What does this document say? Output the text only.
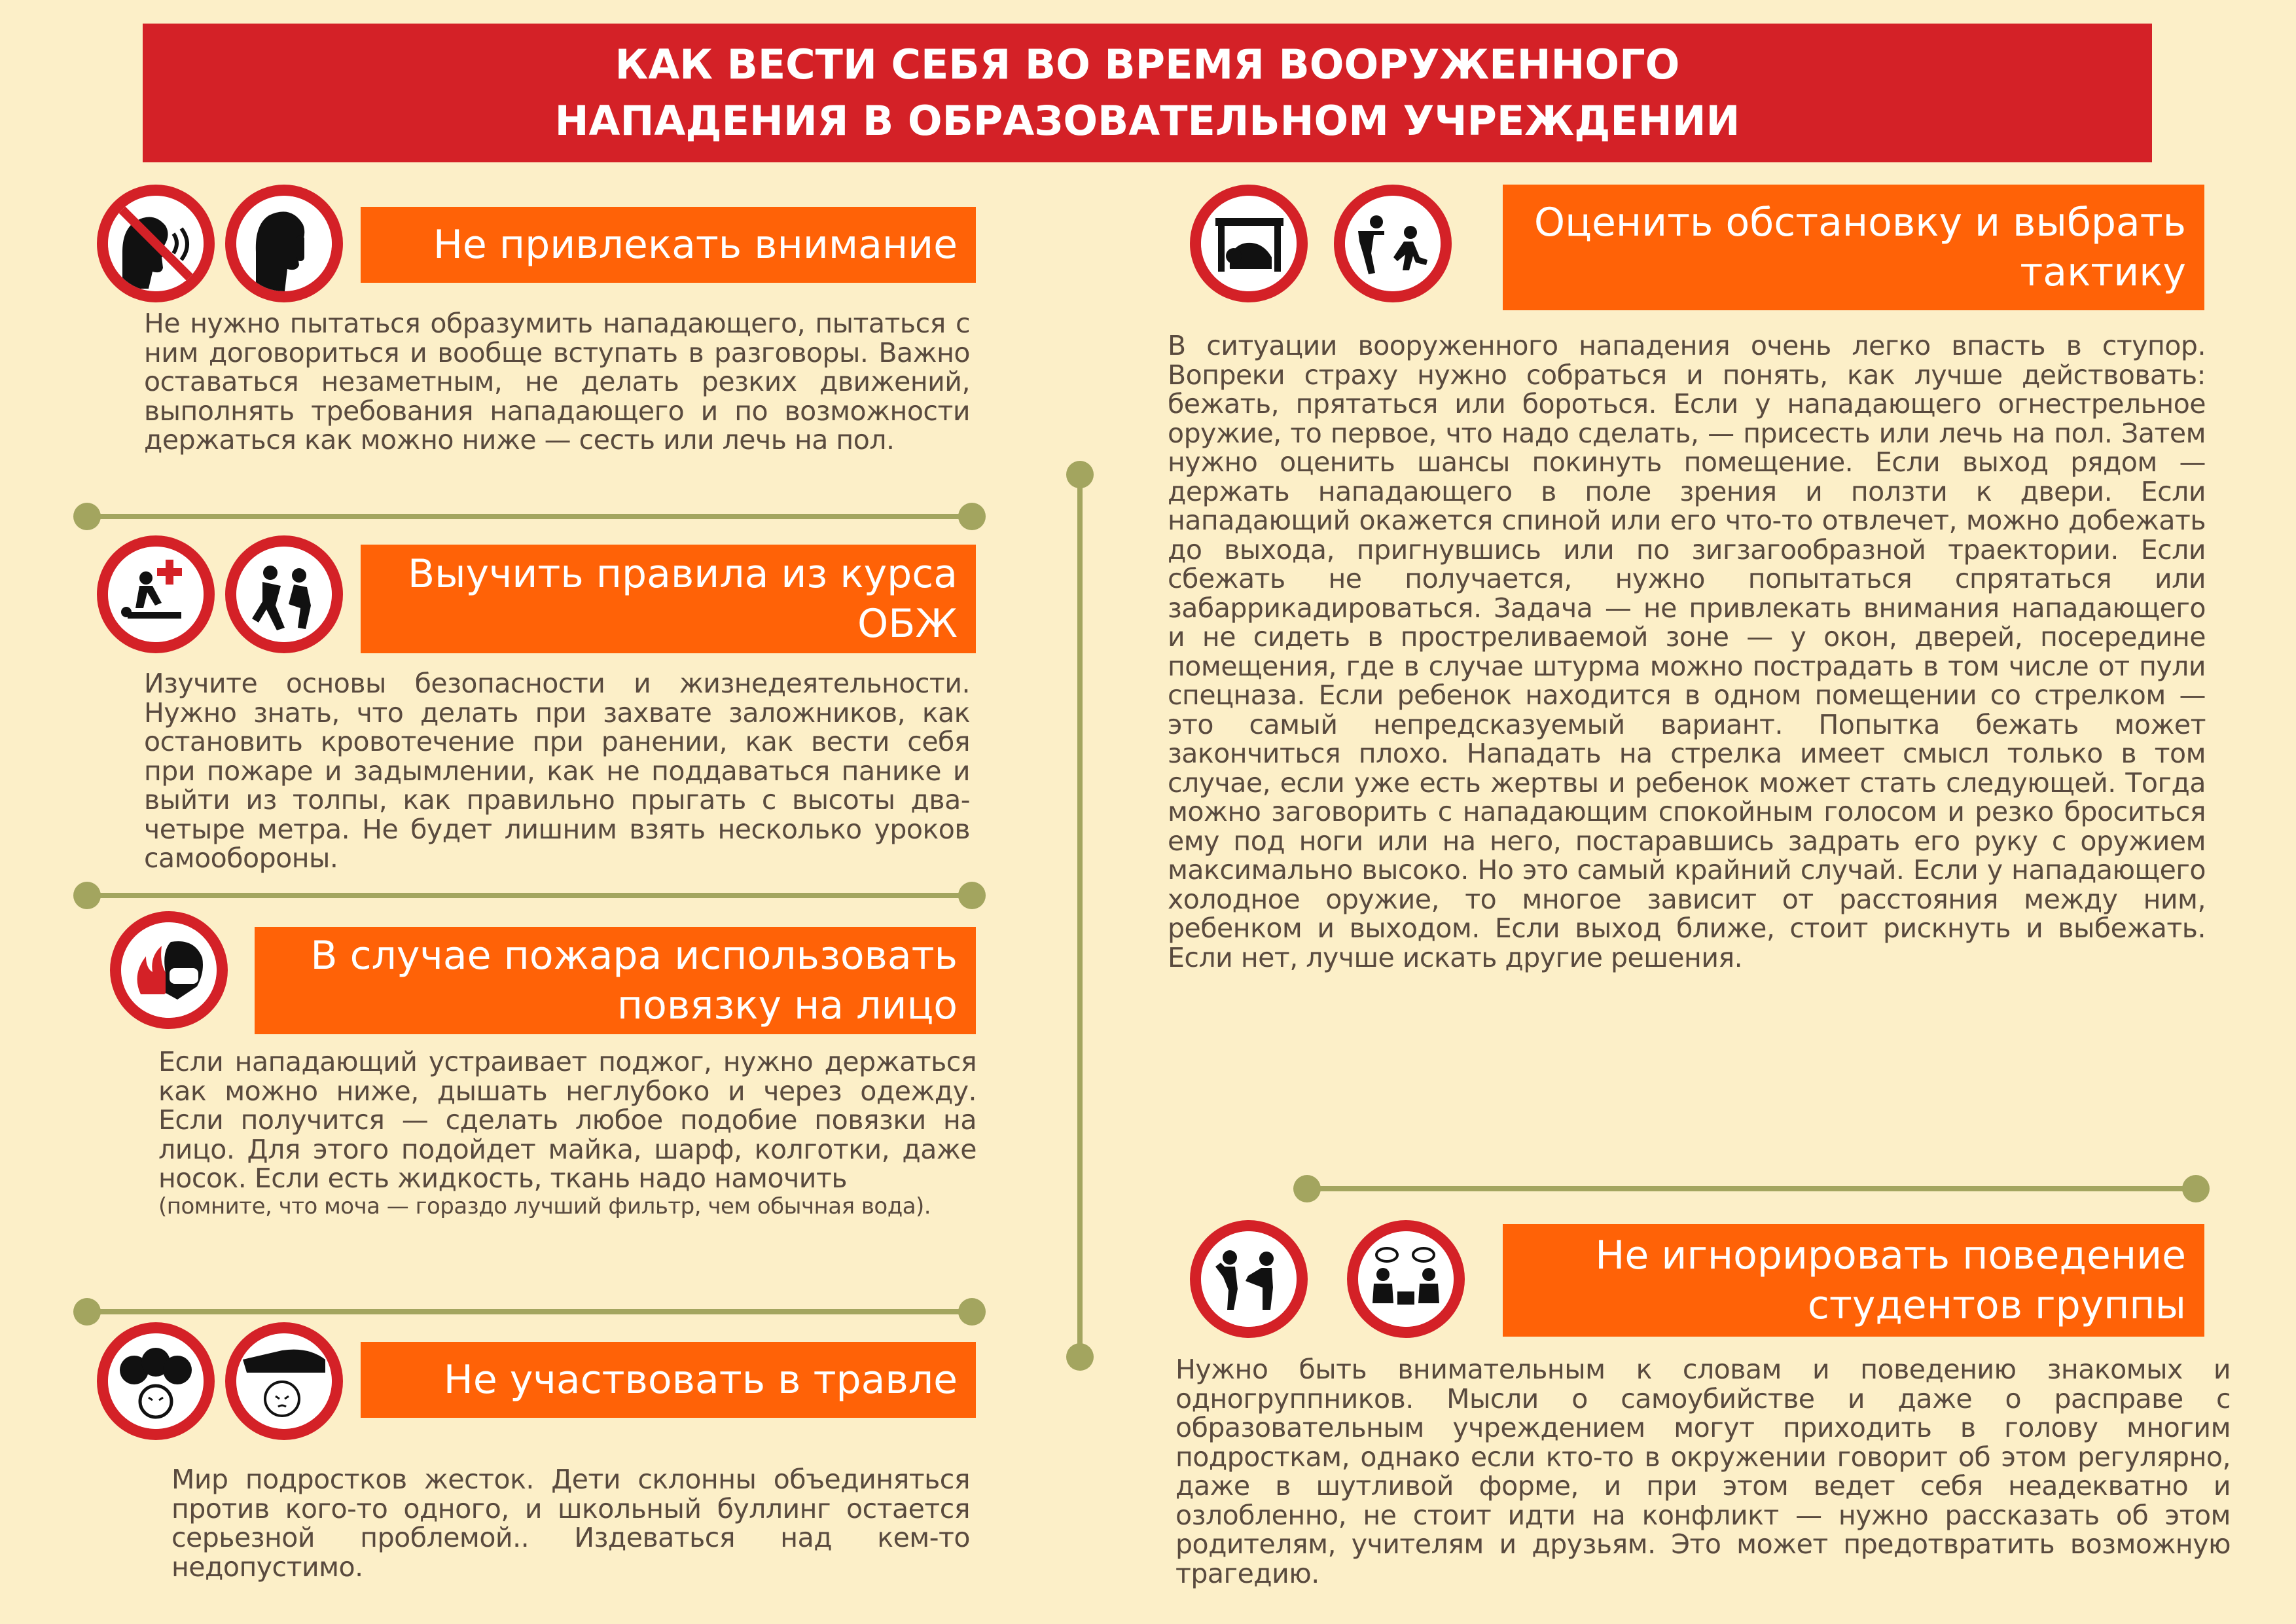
КАК ВЕСТИ СЕБЯ ВО ВРЕМЯ ВООРУЖЕННОГО
НАПАДЕНИЯ В ОБРАЗОВАТЕЛЬНОМ УЧРЕЖДЕНИИ
Не привлекать внимание
Не нужно пытаться образумить нападающего, пытаться с ним договориться и вообще вступать в разговоры. Важно оставаться незаметным, не делать резких движений, выполнять требования нападающего и по возможности держаться как можно ниже — сесть или лечь на пол.
Выучить правила из курса
ОБЖ
Изучите основы безопасности и жизнедеятельности. Нужно знать, что делать при захвате заложников, как остановить кровотечение при ранении, как вести себя при пожаре и задымлении, как не поддаваться панике и выйти из толпы, как правильно прыгать с высоты два-четыре метра. Не будет лишним взять несколько уроков самообороны.
В случае пожара использовать
повязку на лицо
Если нападающий устраивает поджог, нужно держаться как можно ниже, дышать неглубоко и через одежду. Если получится — сделать любое подобие повязки на лицо. Для этого подойдет майка, шарф, колготки, даже носок. Если есть жидкость, ткань надо намочить
(помните, что моча — гораздо лучший фильтр, чем обычная вода).
Не участвовать в травле
Мир подростков жесток. Дети склонны объединяться против кого-то одного, и школьный буллинг остается серьезной проблемой.. Издеваться над кем-то недопустимо.
Оценить обстановку и выбрать
тактику
В ситуации вооруженного нападения очень легко впасть в ступор. Вопреки страху нужно собраться и понять, как лучше действовать: бежать, прятаться или бороться. Если у нападающего огнестрельное оружие, то первое, что надо сделать, — присесть или лечь на пол. Затем нужно оценить шансы покинуть помещение. Если выход рядом — держать нападающего в поле зрения и ползти к двери. Если нападающий окажется спиной или его что-то отвлечет, можно добежать до выхода, пригнувшись или по зигзагообразной траектории. Если сбежать не получается, нужно попытаться спрятаться или забаррикадироваться. Задача — не привлекать внимания нападающего и не сидеть в простреливаемой зоне — у окон, дверей, посередине помещения, где в случае штурма можно пострадать в том числе от пули спецназа. Если ребенок находится в одном помещении со стрелком — это самый непредсказуемый вариант. Попытка бежать может закончиться плохо. Нападать на стрелка имеет смысл только в том случае, если уже есть жертвы и ребенок может стать следующей. Тогда можно заговорить с нападающим спокойным голосом и резко броситься ему под ноги или на него, постаравшись задрать его руку с оружием максимально высоко. Но это самый крайний случай. Если у нападающего холодное оружие, то многое зависит от расстояния между ним, ребенком и выходом. Если выход ближе, стоит рискнуть и выбежать. Если нет, лучше искать другие решения.
Не игнорировать поведение
студентов группы
Нужно быть внимательным к словам и поведению знакомых и одногруппников. Мысли о самоубийстве и даже о расправе с образовательным учреждением могут приходить в голову многим подросткам, однако если кто-то в окружении говорит об этом регулярно, даже в шутливой форме, и при этом ведет себя неадекватно и озлобленно, не стоит идти на конфликт — нужно рассказать об этом родителям, учителям и друзьям. Это может предотвратить возможную трагедию.
